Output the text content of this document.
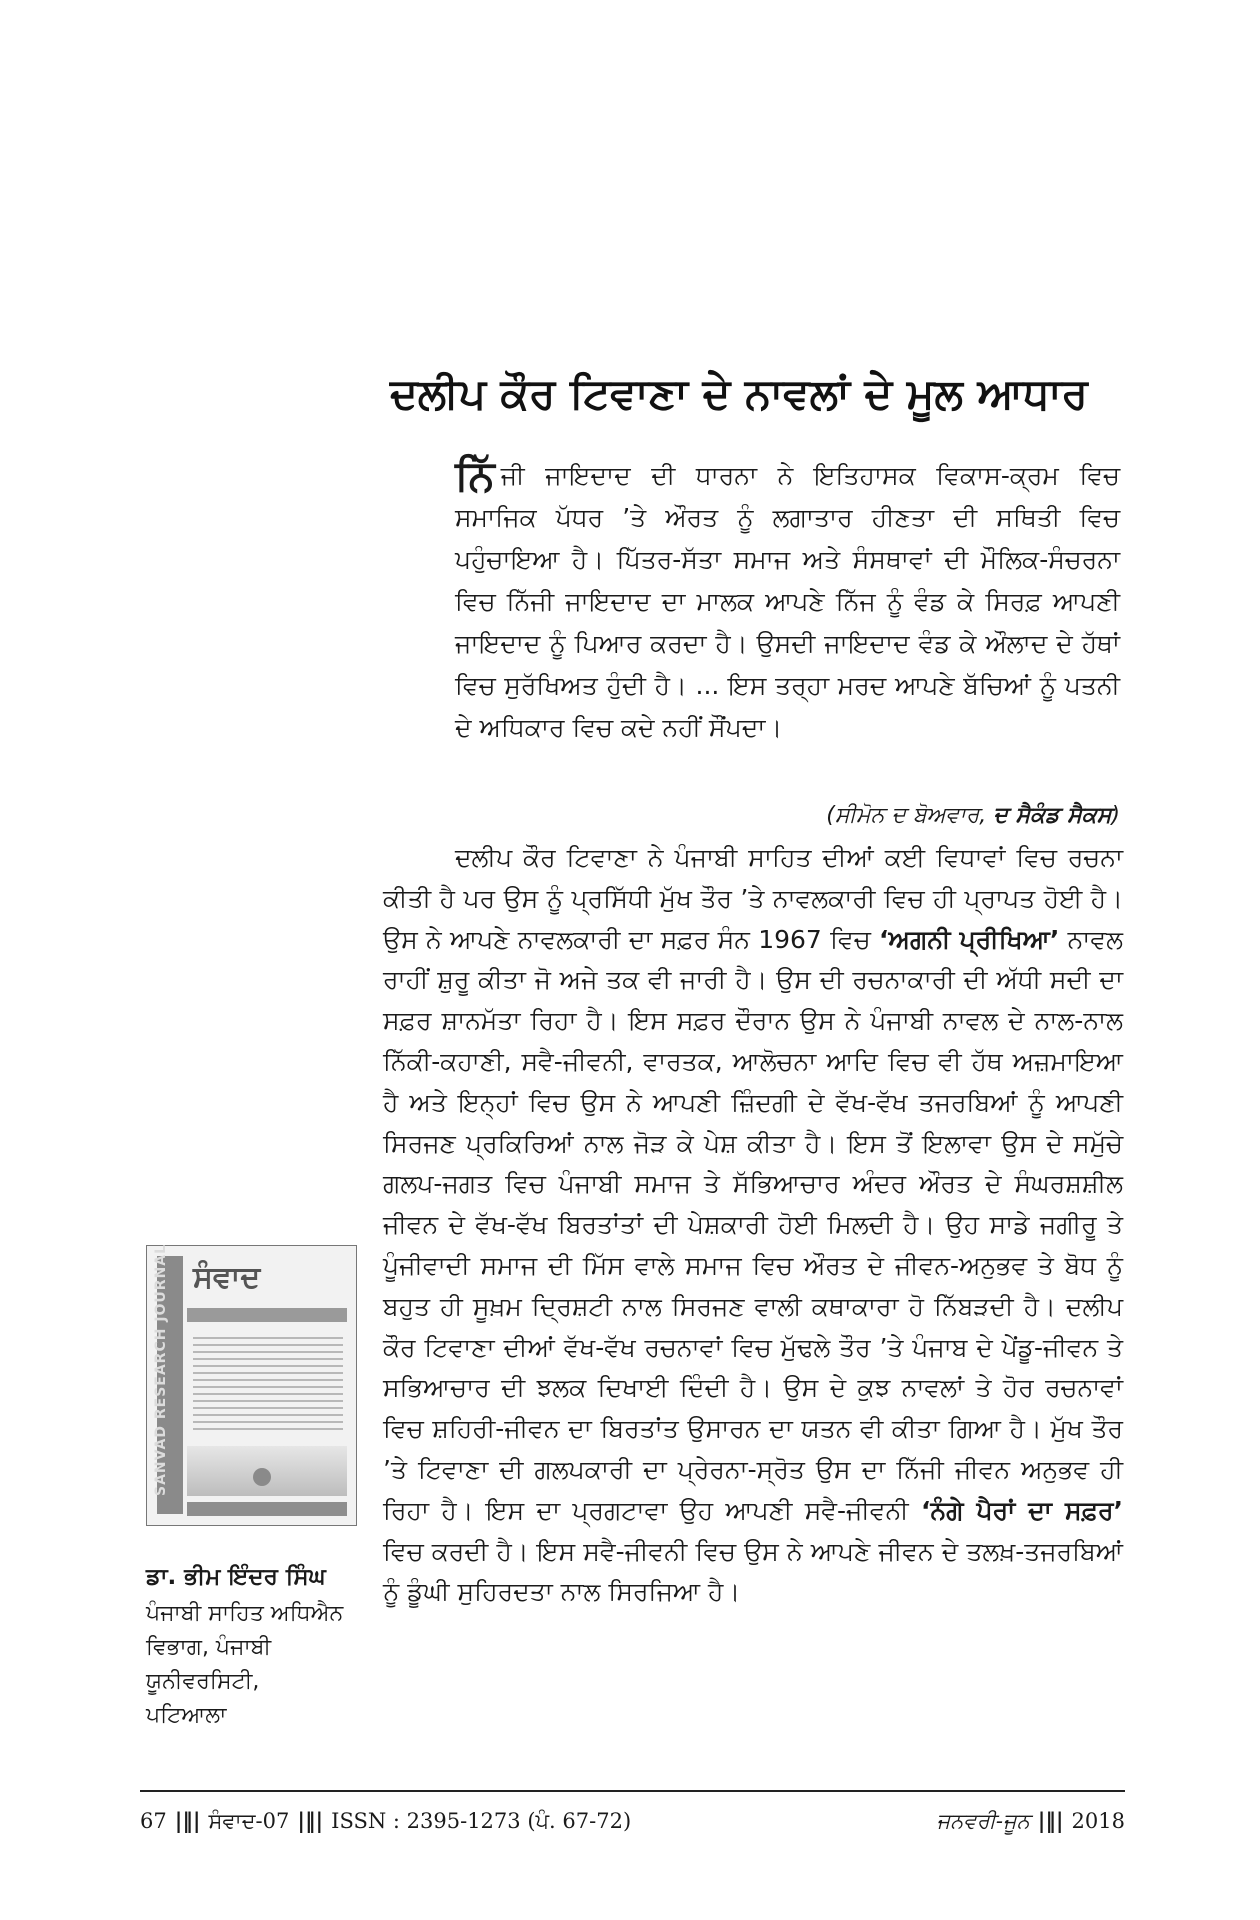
ਦਲੀਪ ਕੌਰ ਟਿਵਾਣਾ ਦੇ ਨਾਵਲਾਂ ਦੇ ਮੂਲ ਆਧਾਰ

ਨਿੱਜੀ ਜਾਇਦਾਦ ਦੀ ਧਾਰਨਾ ਨੇ ਇਤਿਹਾਸਕ ਵਿਕਾਸ-ਕ੍ਰਮ ਵਿਚ ਸਮਾਜਿਕ ਪੱਧਰ ’ਤੇ ਔਰਤ ਨੂੰ ਲਗਾਤਾਰ ਹੀਣਤਾ ਦੀ ਸਥਿਤੀ ਵਿਚ ਪਹੁੰਚਾਇਆ ਹੈ। ਪਿੱਤਰ-ਸੱਤਾ ਸਮਾਜ ਅਤੇ ਸੰਸਥਾਵਾਂ ਦੀ ਮੌਲਿਕ-ਸੰਚਰਨਾ ਵਿਚ ਨਿੱਜੀ ਜਾਇਦਾਦ ਦਾ ਮਾਲਕ ਆਪਣੇ ਨਿੱਜ ਨੂੰ ਵੰਡ ਕੇ ਸਿਰਫ਼ ਆਪਣੀ ਜਾਇਦਾਦ ਨੂੰ ਪਿਆਰ ਕਰਦਾ ਹੈ। ਉਸਦੀ ਜਾਇਦਾਦ ਵੰਡ ਕੇ ਔਲਾਦ ਦੇ ਹੱਥਾਂ ਵਿਚ ਸੁਰੱਖਿਅਤ ਹੁੰਦੀ ਹੈ। ... ਇਸ ਤਰ੍ਹਾ ਮਰਦ ਆਪਣੇ ਬੱਚਿਆਂ ਨੂੰ ਪਤਨੀ ਦੇ ਅਧਿਕਾਰ ਵਿਚ ਕਦੇ ਨਹੀਂ ਸੌਂਪਦਾ।

(ਸੀਮੋਨ ਦ ਬੋਅਵਾਰ, ਦ ਸੈਕੰਡ ਸੈਕਸ)

ਦਲੀਪ ਕੌਰ ਟਿਵਾਣਾ ਨੇ ਪੰਜਾਬੀ ਸਾਹਿਤ ਦੀਆਂ ਕਈ ਵਿਧਾਵਾਂ ਵਿਚ ਰਚਨਾ ਕੀਤੀ ਹੈ ਪਰ ਉਸ ਨੂੰ ਪ੍ਰਸਿੱਧੀ ਮੁੱਖ ਤੌਰ ’ਤੇ ਨਾਵਲਕਾਰੀ ਵਿਚ ਹੀ ਪ੍ਰਾਪਤ ਹੋਈ ਹੈ। ਉਸ ਨੇ ਆਪਣੇ ਨਾਵਲਕਾਰੀ ਦਾ ਸਫ਼ਰ ਸੰਨ 1967 ਵਿਚ ‘ਅਗਨੀ ਪ੍ਰੀਖਿਆ’ ਨਾਵਲ ਰਾਹੀਂ ਸ਼ੁਰੂ ਕੀਤਾ ਜੋ ਅਜੇ ਤਕ ਵੀ ਜਾਰੀ ਹੈ। ਉਸ ਦੀ ਰਚਨਾਕਾਰੀ ਦੀ ਅੱਧੀ ਸਦੀ ਦਾ ਸਫ਼ਰ ਸ਼ਾਨਮੱਤਾ ਰਿਹਾ ਹੈ। ਇਸ ਸਫ਼ਰ ਦੌਰਾਨ ਉਸ ਨੇ ਪੰਜਾਬੀ ਨਾਵਲ ਦੇ ਨਾਲ-ਨਾਲ ਨਿੱਕੀ-ਕਹਾਣੀ, ਸਵੈ-ਜੀਵਨੀ, ਵਾਰਤਕ, ਆਲੋਚਨਾ ਆਦਿ ਵਿਚ ਵੀ ਹੱਥ ਅਜ਼ਮਾਇਆ ਹੈ ਅਤੇ ਇਨ੍ਹਾਂ ਵਿਚ ਉਸ ਨੇ ਆਪਣੀ ਜ਼ਿੰਦਗੀ ਦੇ ਵੱਖ-ਵੱਖ ਤਜਰਬਿਆਂ ਨੂੰ ਆਪਣੀ ਸਿਰਜਣ ਪ੍ਰਕਿਰਿਆਂ ਨਾਲ ਜੋੜ ਕੇ ਪੇਸ਼ ਕੀਤਾ ਹੈ। ਇਸ ਤੋਂ ਇਲਾਵਾ ਉਸ ਦੇ ਸਮੁੱਚੇ ਗਲਪ-ਜਗਤ ਵਿਚ ਪੰਜਾਬੀ ਸਮਾਜ ਤੇ ਸੱਭਿਆਚਾਰ ਅੰਦਰ ਔਰਤ ਦੇ ਸੰਘਰਸ਼ਸ਼ੀਲ ਜੀਵਨ ਦੇ ਵੱਖ-ਵੱਖ ਬਿਰਤਾਂਤਾਂ ਦੀ ਪੇਸ਼ਕਾਰੀ ਹੋਈ ਮਿਲਦੀ ਹੈ। ਉਹ ਸਾਡੇ ਜਗੀਰੂ ਤੇ ਪੂੰਜੀਵਾਦੀ ਸਮਾਜ ਦੀ ਮਿੱਸ ਵਾਲੇ ਸਮਾਜ ਵਿਚ ਔਰਤ ਦੇ ਜੀਵਨ-ਅਨੁਭਵ ਤੇ ਬੋਧ ਨੂੰ ਬਹੁਤ ਹੀ ਸੂਖ਼ਮ ਦ੍ਰਿਸ਼ਟੀ ਨਾਲ ਸਿਰਜਣ ਵਾਲੀ ਕਥਾਕਾਰਾ ਹੋ ਨਿੱਬੜਦੀ ਹੈ। ਦਲੀਪ ਕੌਰ ਟਿਵਾਣਾ ਦੀਆਂ ਵੱਖ-ਵੱਖ ਰਚਨਾਵਾਂ ਵਿਚ ਮੁੱਢਲੇ ਤੌਰ ’ਤੇ ਪੰਜਾਬ ਦੇ ਪੇਂਡੂ-ਜੀਵਨ ਤੇ ਸਭਿਆਚਾਰ ਦੀ ਝਲਕ ਦਿਖਾਈ ਦਿੰਦੀ ਹੈ। ਉਸ ਦੇ ਕੁਝ ਨਾਵਲਾਂ ਤੇ ਹੋਰ ਰਚਨਾਵਾਂ ਵਿਚ ਸ਼ਹਿਰੀ-ਜੀਵਨ ਦਾ ਬਿਰਤਾਂਤ ਉਸਾਰਨ ਦਾ ਯਤਨ ਵੀ ਕੀਤਾ ਗਿਆ ਹੈ। ਮੁੱਖ ਤੌਰ ’ਤੇ ਟਿਵਾਣਾ ਦੀ ਗਲਪਕਾਰੀ ਦਾ ਪ੍ਰੇਰਨਾ-ਸ੍ਰੋਤ ਉਸ ਦਾ ਨਿੱਜੀ ਜੀਵਨ ਅਨੁਭਵ ਹੀ ਰਿਹਾ ਹੈ। ਇਸ ਦਾ ਪ੍ਰਗਟਾਵਾ ਉਹ ਆਪਣੀ ਸਵੈ-ਜੀਵਨੀ ‘ਨੰਗੇ ਪੈਰਾਂ ਦਾ ਸਫ਼ਰ’ ਵਿਚ ਕਰਦੀ ਹੈ। ਇਸ ਸਵੈ-ਜੀਵਨੀ ਵਿਚ ਉਸ ਨੇ ਆਪਣੇ ਜੀਵਨ ਦੇ ਤਲਖ਼-ਤਜਰਬਿਆਂ ਨੂੰ ਡੂੰਘੀ ਸੁਹਿਰਦਤਾ ਨਾਲ ਸਿਰਜਿਆ ਹੈ।

SANVAD RESEARCH JOURNAL ਸੰਵਾਦ
ਡਾ. ਭੀਮ ਇੰਦਰ ਸਿੰਘ
ਪੰਜਾਬੀ ਸਾਹਿਤ ਅਧਿਐਨ
ਵਿਭਾਗ, ਪੰਜਾਬੀ
ਯੂਨੀਵਰਸਿਟੀ,
ਪਟਿਆਲਾ
67 |‖| ਸੰਵਾਦ-07 |‖| ISSN : 2395-1273 (ਪੰ. 67-72)	ਜਨਵਰੀ-ਜੂਨ |‖| 2018
